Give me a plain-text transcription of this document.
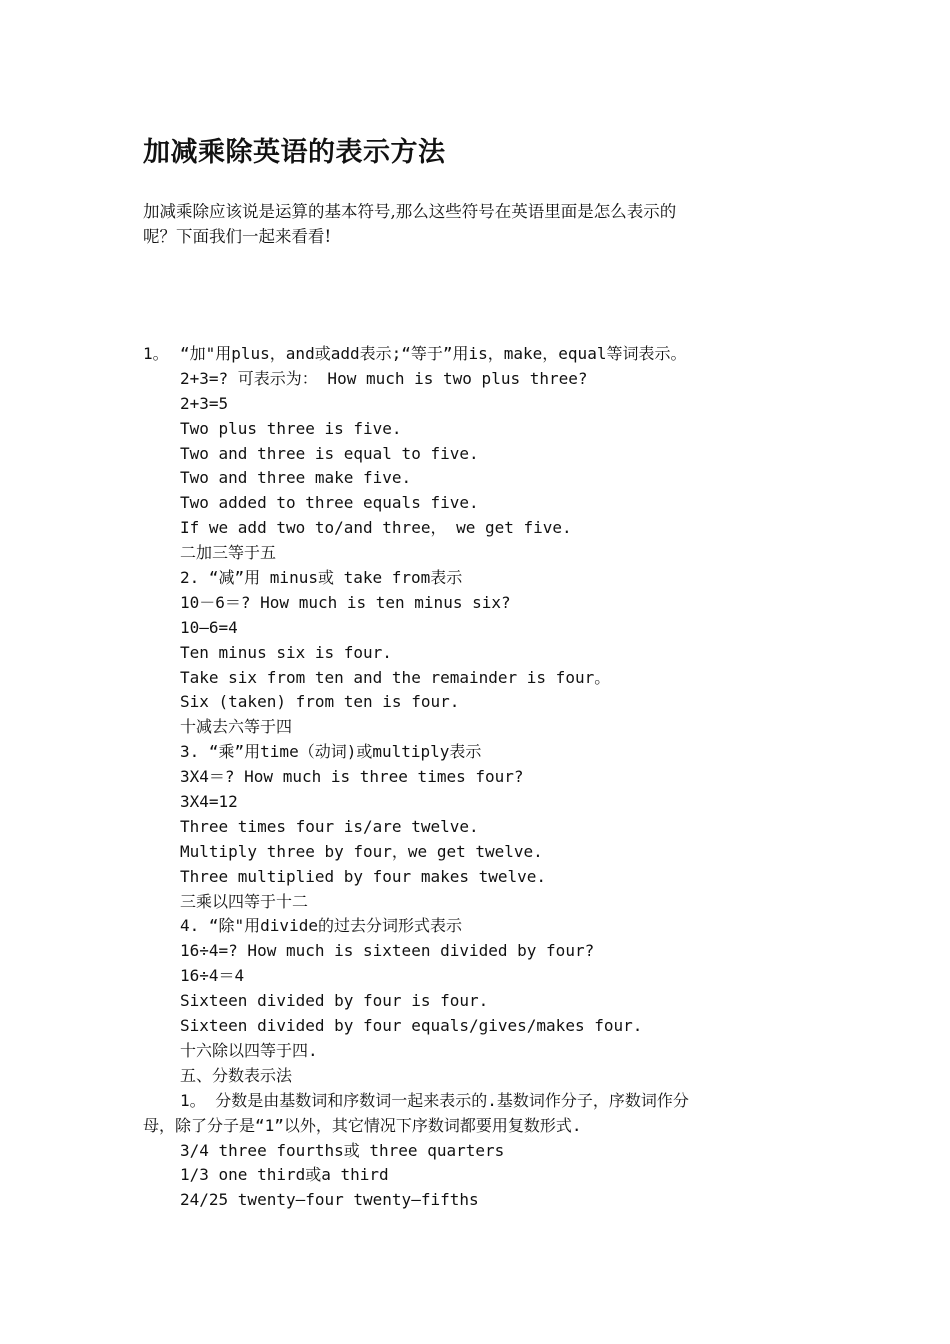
加减乘除英语的表示方法

加减乘除应该说是运算的基本符号,那么这些符号在英语里面是怎么表示的

呢？下面我们一起来看看!

1。 “加"用plus，and或add表示;“等于”用is，make，equal等词表示。
2+3=? 可表示为： How much is two plus three?
2+3=5
Two plus three is five.
Two and three is equal to five.
Two and three make five.
Two added to three equals five.
If we add two to/and three， we get five.
二加三等于五
2. “减”用 minus或 take from表示
10－6＝? How much is ten minus six?
10—6=4
Ten minus six is four.
Take six from ten and the remainder is four。
Six (taken) from ten is four.
十减去六等于四
3. “乘”用time（动词)或multiply表示
3X4＝? How much is three times four?
3X4=12
Three times four is/are twelve.
Multiply three by four，we get twelve.
Three multiplied by four makes twelve.
三乘以四等于十二
4. “除"用divide的过去分词形式表示
16÷4=? How much is sixteen divided by four?
16÷4＝4
Sixteen divided by four is four.
Sixteen divided by four equals/gives/makes four.
十六除以四等于四.
五、分数表示法
1。 分数是由基数词和序数词一起来表示的.基数词作分子，序数词作分
母，除了分子是“1”以外，其它情况下序数词都要用复数形式.
3/4 three fourths或 three quarters
1/3 one third或a third
24/25 twenty—four twenty—fifths
